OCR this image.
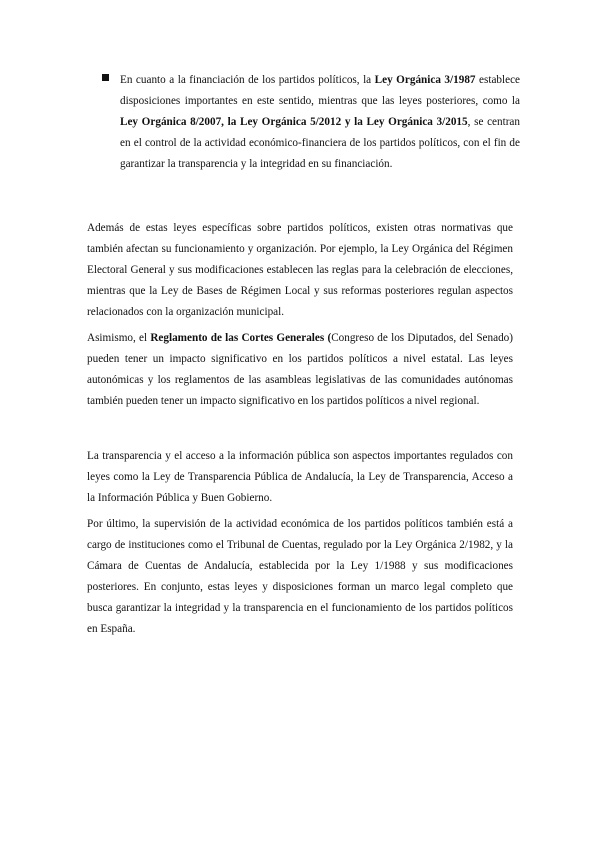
En cuanto a la financiación de los partidos políticos, la Ley Orgánica 3/1987 establece disposiciones importantes en este sentido, mientras que las leyes posteriores, como la Ley Orgánica 8/2007, la Ley Orgánica 5/2012 y la Ley Orgánica 3/2015, se centran en el control de la actividad económico-financiera de los partidos políticos, con el fin de garantizar la transparencia y la integridad en su financiación.

Además de estas leyes específicas sobre partidos políticos, existen otras normativas que también afectan su funcionamiento y organización. Por ejemplo, la Ley Orgánica del Régimen Electoral General y sus modificaciones establecen las reglas para la celebración de elecciones, mientras que la Ley de Bases de Régimen Local y sus reformas posteriores regulan aspectos relacionados con la organización municipal.

Asimismo, el Reglamento de las Cortes Generales (Congreso de los Diputados, del Senado) pueden tener un impacto significativo en los partidos políticos a nivel estatal. Las leyes autonómicas y los reglamentos de las asambleas legislativas de las comunidades autónomas también pueden tener un impacto significativo en los partidos políticos a nivel regional.

La transparencia y el acceso a la información pública son aspectos importantes regulados con leyes como la Ley de Transparencia Pública de Andalucía, la Ley de Transparencia, Acceso a la Información Pública y Buen Gobierno.

Por último, la supervisión de la actividad económica de los partidos políticos también está a cargo de instituciones como el Tribunal de Cuentas, regulado por la Ley Orgánica 2/1982, y la Cámara de Cuentas de Andalucía, establecida por la Ley 1/1988 y sus modificaciones posteriores. En conjunto, estas leyes y disposiciones forman un marco legal completo que busca garantizar la integridad y la transparencia en el funcionamiento de los partidos políticos en España.
